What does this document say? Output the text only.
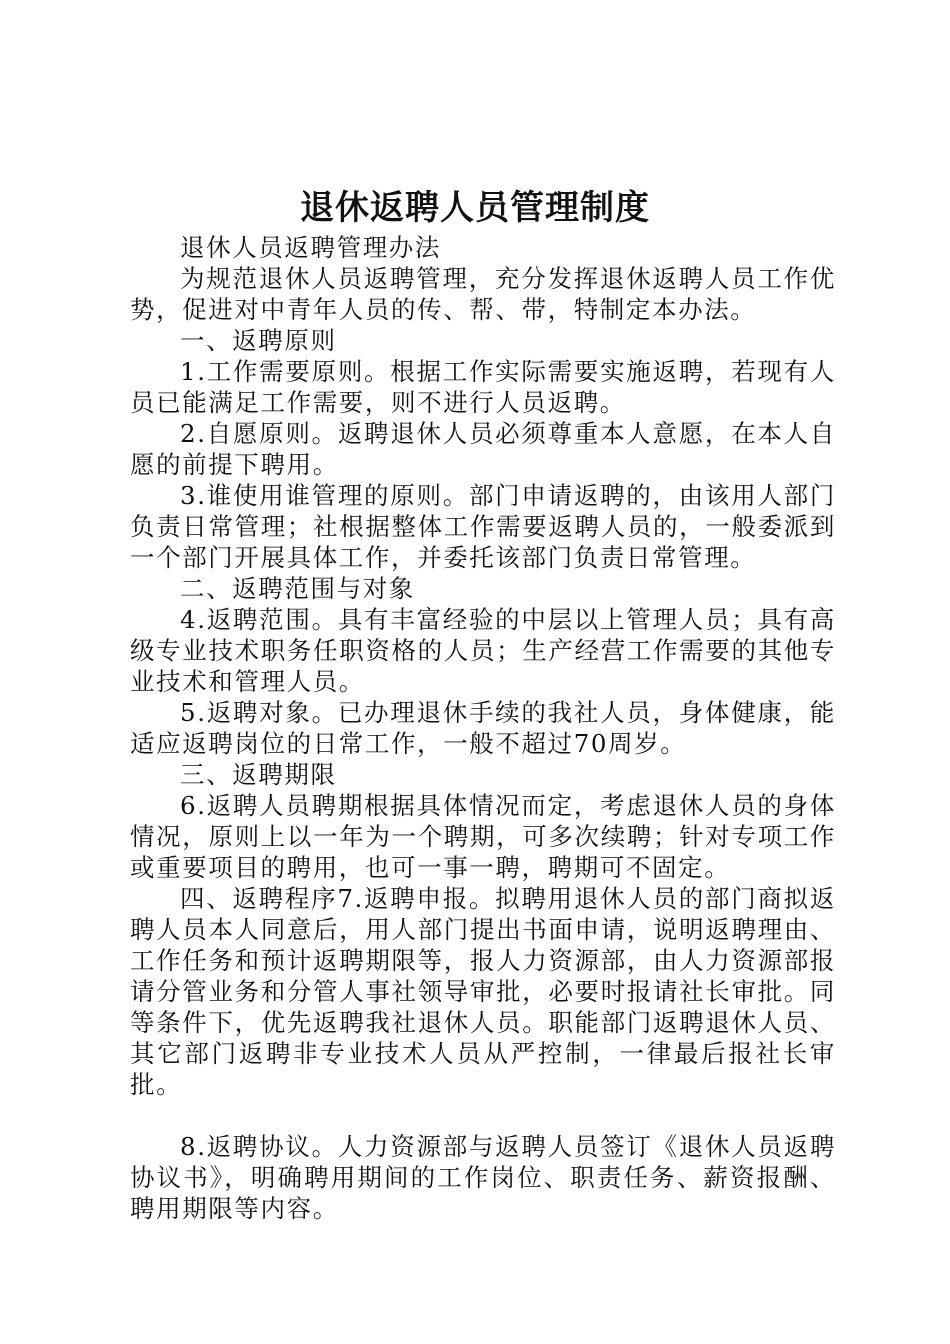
退休返聘人员管理制度

退休人员返聘管理办法

为规范退休人员返聘管理，充分发挥退休返聘人员工作优势，促进对中青年人员的传、帮、带，特制定本办法。

一、返聘原则

1.工作需要原则。根据工作实际需要实施返聘，若现有人员已能满足工作需要，则不进行人员返聘。

2.自愿原则。返聘退休人员必须尊重本人意愿，在本人自愿的前提下聘用。

3.谁使用谁管理的原则。部门申请返聘的，由该用人部门负责日常管理；社根据整体工作需要返聘人员的，一般委派到一个部门开展具体工作，并委托该部门负责日常管理。

二、返聘范围与对象

4.返聘范围。具有丰富经验的中层以上管理人员；具有高级专业技术职务任职资格的人员；生产经营工作需要的其他专业技术和管理人员。

5.返聘对象。已办理退休手续的我社人员，身体健康，能适应返聘岗位的日常工作，一般不超过70周岁。

三、返聘期限

6.返聘人员聘期根据具体情况而定，考虑退休人员的身体情况，原则上以一年为一个聘期，可多次续聘；针对专项工作或重要项目的聘用，也可一事一聘，聘期可不固定。

四、返聘程序7.返聘申报。拟聘用退休人员的部门商拟返聘人员本人同意后，用人部门提出书面申请，说明返聘理由、工作任务和预计返聘期限等，报人力资源部，由人力资源部报请分管业务和分管人事社领导审批，必要时报请社长审批。同等条件下，优先返聘我社退休人员。职能部门返聘退休人员、其它部门返聘非专业技术人员从严控制，一律最后报社长审批。

8.返聘协议。人力资源部与返聘人员签订《退休人员返聘协议书》，明确聘用期间的工作岗位、职责任务、薪资报酬、聘用期限等内容。
